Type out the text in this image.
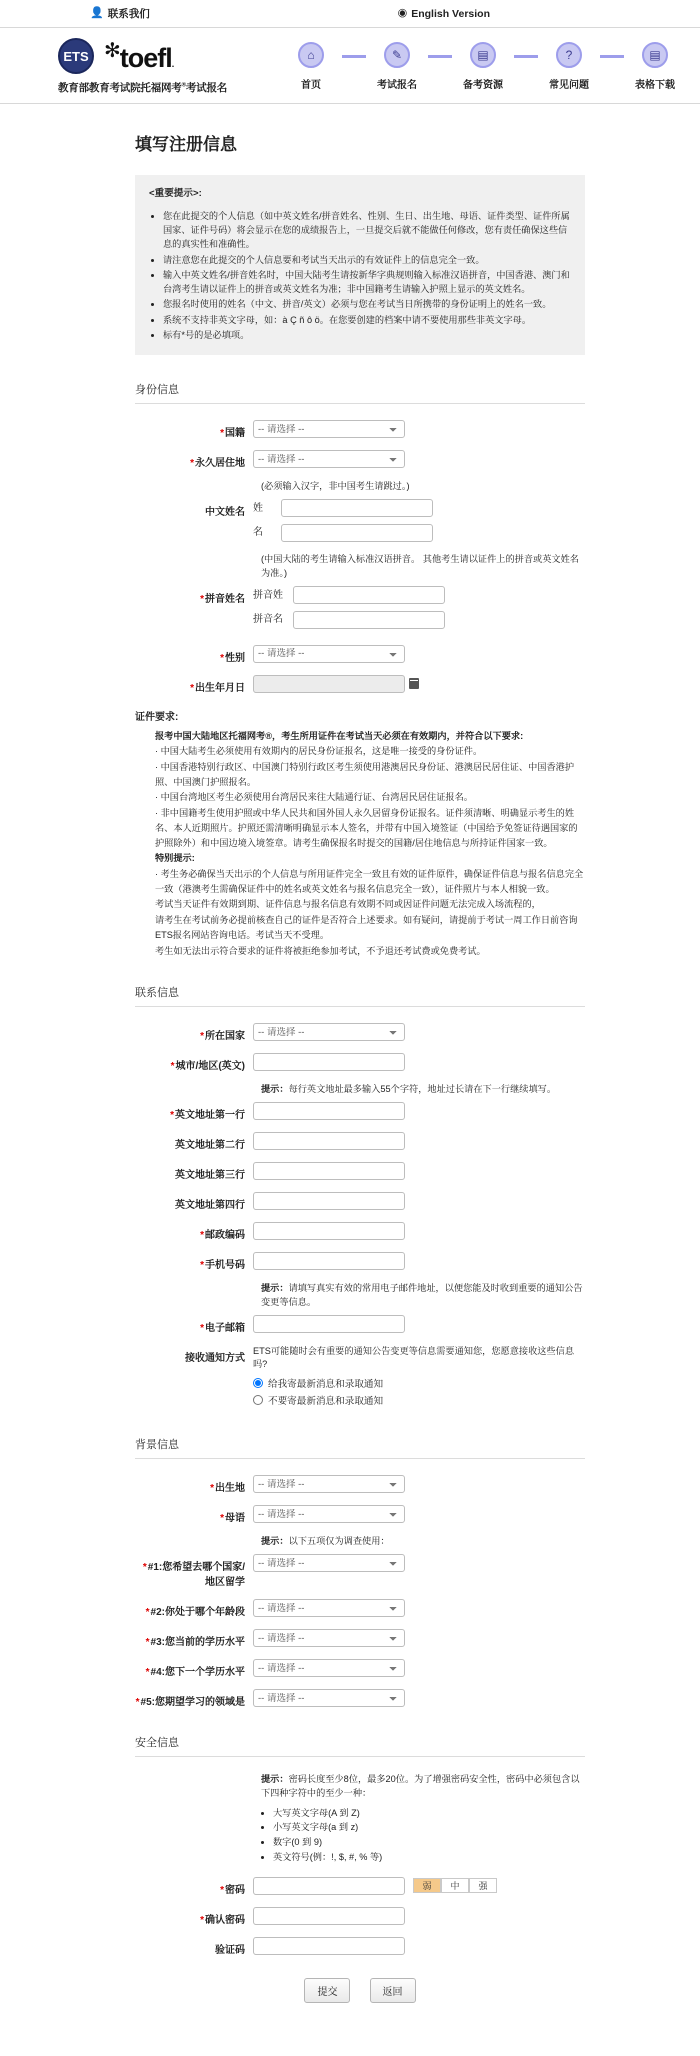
👤 联系我们	◉ English Version
ETS ✻toefl.
教育部教育考试院托福网考®考试报名
⌂
首页
✎
考试报名
▤
备考资源
?
常见问题
▤
表格下载
填写注册信息
<重要提示>:
• 您在此提交的个人信息（如中英文姓名/拼音姓名、性别、生日、出生地、母语、证件类型、证件所属国家、证件号码）将会显示在您的成绩报告上，一旦提交后就不能做任何修改，您有责任确保这些信息的真实性和准确性。
• 请注意您在此提交的个人信息要和考试当天出示的有效证件上的信息完全一致。
• 输入中英文姓名/拼音姓名时，中国大陆考生请按新华字典规则输入标准汉语拼音，中国香港、澳门和台湾考生请以证件上的拼音或英文姓名为准；非中国籍考生请输入护照上显示的英文姓名。
• 您报名时使用的姓名（中文、拼音/英文）必须与您在考试当日所携带的身份证明上的姓名一致。
• 系统不支持非英文字母，如：à Ç ñ ô ö。在您要创建的档案中请不要使用那些非英文字母。
• 标有*号的是必填项。
身份信息
*国籍
-- 请选择 --
*永久居住地
-- 请选择 --
(必须输入汉字，非中国考生请跳过。)
中文姓名 姓
名
(中国大陆的考生请输入标准汉语拼音。 其他考生请以证件上的拼音或英文姓名为准。)
*拼音姓名 拼音姓
拼音名
*性别
-- 请选择 --
*出生年月日
证件要求:

报考中国大陆地区托福网考®，考生所用证件在考试当天必须在有效期内，并符合以下要求:

· 中国大陆考生必须使用有效期内的居民身份证报名，这是唯一接受的身份证件。

· 中国香港特别行政区、中国澳门特别行政区考生须使用港澳居民身份证、港澳居民居住证、中国香港护照、中国澳门护照报名。

· 中国台湾地区考生必须使用台湾居民来往大陆通行证、台湾居民居住证报名。

· 非中国籍考生使用护照或中华人民共和国外国人永久居留身份证报名。证件须清晰、明确显示考生的姓名、本人近期照片。护照还需清晰明确显示本人签名，并带有中国入境签证（中国给予免签证待遇国家的护照除外）和中国边境入境签章。请考生确保报名时提交的国籍/居住地信息与所持证件国家一致。

特别提示:

· 考生务必确保当天出示的个人信息与所用证件完全一致且有效的证件原件，确保证件信息与报名信息完全一致（港澳考生需确保证件中的姓名或英文姓名与报名信息完全一致），证件照片与本人相貌一致。

考试当天证件有效期到期、证件信息与报名信息有效期不同或因证件问题无法完成入场流程的，

请考生在考试前务必提前核查自己的证件是否符合上述要求。如有疑问，请提前于考试一周工作日前咨询ETS报名网站咨询电话。考试当天不受理。

考生如无法出示符合要求的证件将被拒绝参加考试，不予退还考试费或免费考试。

联系信息
*所在国家
-- 请选择 --
*城市/地区(英文)
提示：每行英文地址最多输入55个字符，地址过长请在下一行继续填写。
*英文地址第一行
英文地址第二行
英文地址第三行
英文地址第四行
*邮政编码
*手机号码
提示：请填写真实有效的常用电子邮件地址，以便您能及时收到重要的通知公告变更等信息。
*电子邮箱
接收通知方式
ETS可能随时会有重要的通知公告变更等信息需要通知您，您愿意接收这些信息吗?
给我寄最新消息和录取通知
不要寄最新消息和录取通知
背景信息
*出生地
-- 请选择 --
*母语
-- 请选择 --
提示：以下五项仅为调查使用：
*#1:您希望去哪个国家/地区留学
-- 请选择 --
*#2:你处于哪个年龄段
-- 请选择 --
*#3:您当前的学历水平
-- 请选择 --
*#4:您下一个学历水平
-- 请选择 --
*#5:您期望学习的领域是
-- 请选择 --
安全信息
提示：密码长度至少8位，最多20位。为了增强密码安全性，密码中必须包含以下四种字符中的至少一种：
• 大写英文字母(A 到 Z)
• 小写英文字母(a 到 z)
• 数字(0 到 9)
• 英文符号(例：!, $, #, % 等)
*密码	弱	中	强
*确认密码
验证码
提交	返回
